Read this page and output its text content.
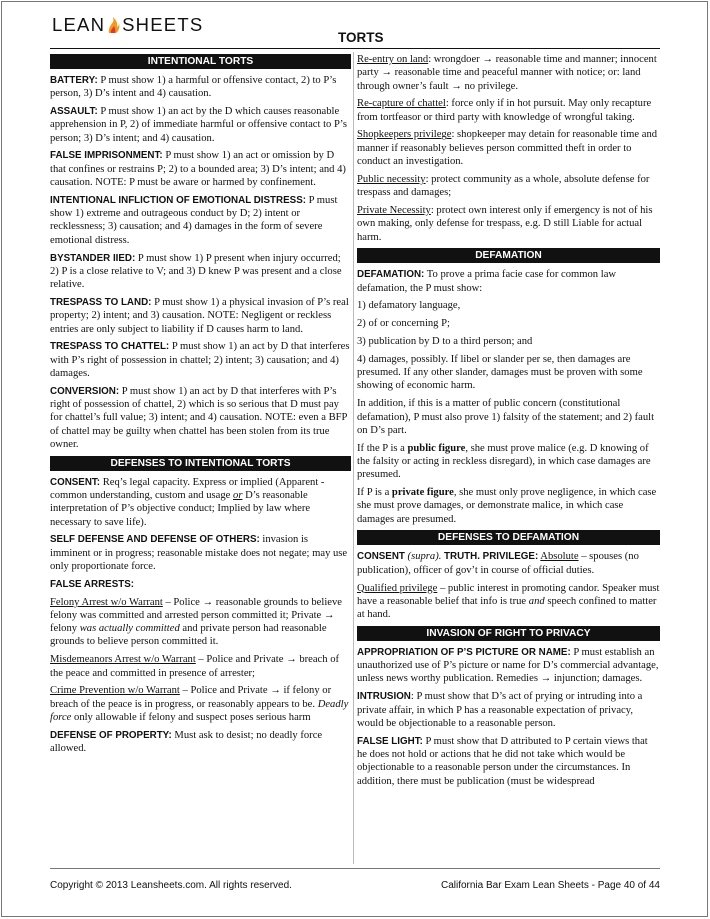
LEAN SHEETS
TORTS
INTENTIONAL TORTS

BATTERY: P must show 1) a harmful or offensive contact, 2) to P’s person, 3) D’s intent and 4) causation.

ASSAULT: P must show 1) an act by the D which causes reasonable apprehension in P, 2) of immediate harmful or offensive contact to P’s person; 3) D’s intent; and 4) causation.

FALSE IMPRISONMENT: P must show 1) an act or omission by D that confines or restrains P; 2) to a bounded area; 3) D’s intent; and 4) causation. NOTE: P must be aware or harmed by confinement.

INTENTIONAL INFLICTION OF EMOTIONAL DISTRESS: P must show 1) extreme and outrageous conduct by D; 2) intent or recklessness; 3) causation; and 4) damages in the form of severe emotional distress.

BYSTANDER IIED: P must show 1) P present when injury occurred; 2) P is a close relative to V; and 3) D knew P was present and a close relative.

TRESPASS TO LAND: P must show 1) a physical invasion of P’s real property; 2) intent; and 3) causation. NOTE: Negligent or reckless entries are only subject to liability if D causes harm to land.

TRESPASS TO CHATTEL: P must show 1) an act by D that interferes with P’s right of possession in chattel; 2) intent; 3) causation; and 4) damages.

CONVERSION: P must show 1) an act by D that interferes with P’s right of possession of chattel, 2) which is so serious that D must pay for chattel’s full value; 3) intent; and 4) causation. NOTE: even a BFP of chattel may be guilty when chattel has been stolen from its true owner.

DEFENSES TO INTENTIONAL TORTS

CONSENT: Req’s legal capacity. Express or implied (Apparent - common understanding, custom and usage or D’s reasonable interpretation of P’s objective conduct; Implied by law where necessary to save life).

SELF DEFENSE AND DEFENSE OF OTHERS: invasion is imminent or in progress; reasonable mistake does not negate; may use only proportionate force.

FALSE ARRESTS:

Felony Arrest w/o Warrant – Police → reasonable grounds to believe felony was committed and arrested person committed it; Private → felony was actually committed and private person had reasonable grounds to believe person committed it.

Misdemeanors Arrest w/o Warrant – Police and Private → breach of the peace and committed in presence of arrester;

Crime Prevention w/o Warrant – Police and Private → if felony or breach of the peace is in progress, or reasonably appears to be. Deadly force only allowable if felony and suspect poses serious harm

DEFENSE OF PROPERTY: Must ask to desist; no deadly force allowed.

Re-entry on land: wrongdoer → reasonable time and manner; innocent party → reasonable time and peaceful manner with notice; or: land through owner’s fault → no privilege.

Re-capture of chattel: force only if in hot pursuit. May only recapture from tortfeasor or third party with knowledge of wrongful taking.

Shopkeepers privilege: shopkeeper may detain for reasonable time and manner if reasonably believes person committed theft in order to conduct an investigation.

Public necessity: protect community as a whole, absolute defense for trespass and damages;

Private Necessity: protect own interest only if emergency is not of his own making, only defense for trespass, e.g. D still Liable for actual harm.

DEFAMATION

DEFAMATION: To prove a prima facie case for common law defamation, the P must show:

1) defamatory language,

2) of or concerning P;

3) publication by D to a third person; and

4) damages, possibly. If libel or slander per se, then damages are presumed. If any other slander, damages must be proven with some showing of economic harm.

In addition, if this is a matter of public concern (constitutional defamation), P must also prove 1) falsity of the statement; and 2) fault on D’s part.

If the P is a public figure, she must prove malice (e.g. D knowing of the falsity or acting in reckless disregard), in which case damages are presumed.

If P is a private figure, she must only prove negligence, in which case she must prove damages, or demonstrate malice, in which case damages are presumed.

DEFENSES TO DEFAMATION

CONSENT (supra). TRUTH. PRIVILEGE: Absolute – spouses (no publication), officer of gov’t in course of official duties.

Qualified privilege – public interest in promoting candor. Speaker must have a reasonable belief that info is true and speech confined to matter at hand.

INVASION OF RIGHT TO PRIVACY

APPROPRIATION OF P’S PICTURE OR NAME: P must establish an unauthorized use of P’s picture or name for D’s commercial advantage, unless news worthy publication. Remedies → injunction; damages.

INTRUSION: P must show that D’s act of prying or intruding into a private affair, in which P has a reasonable expectation of privacy, would be objectionable to a reasonable person.

FALSE LIGHT: P must show that D attributed to P certain views that he does not hold or actions that he did not take which would be objectionable to a reasonable person under the circumstances. In addition, there must be publication (must be widespread

Copyright © 2013 Leansheets.com. All rights reserved.	California Bar Exam Lean Sheets - Page 40 of 44
